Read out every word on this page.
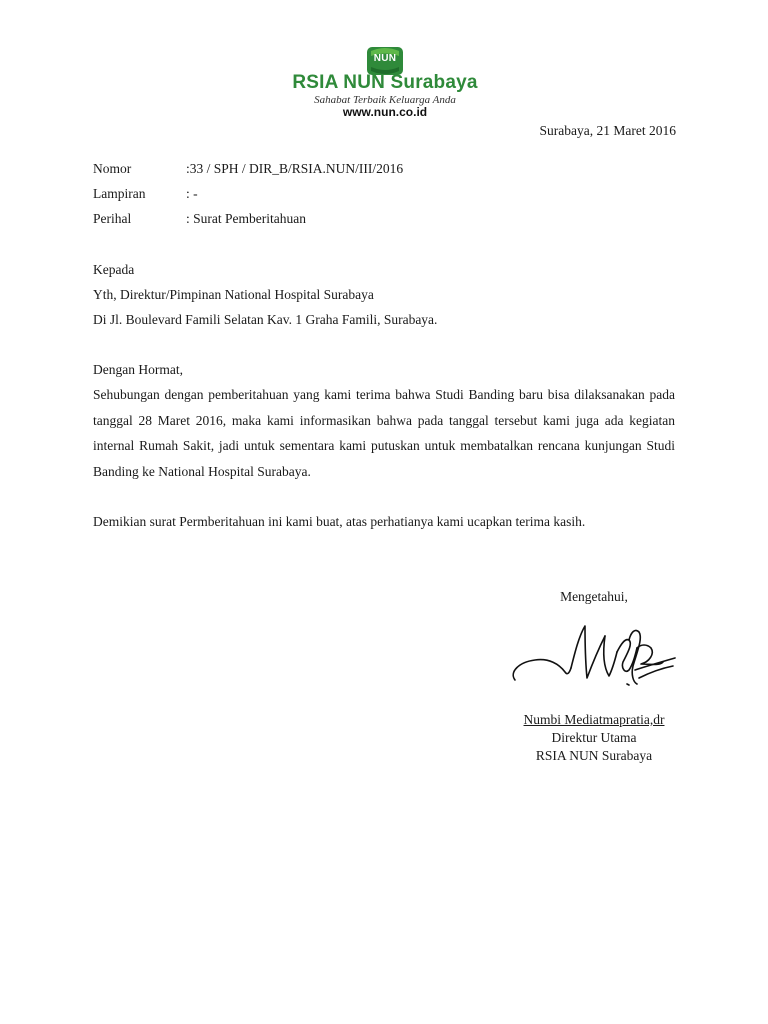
NUN
RSIA NUN Surabaya
Sahabat Terbaik Keluarga Anda
www.nun.co.id
Surabaya, 21 Maret 2016
Nomor	:33 / SPH / DIR_B/RSIA.NUN/III/2016
Lampiran	: -
Perihal	: Surat Pemberitahuan
Kepada
Yth, Direktur/Pimpinan National Hospital Surabaya
Di Jl. Boulevard Famili Selatan Kav. 1 Graha Famili, Surabaya.
Dengan Hormat,
Sehubungan dengan pemberitahuan yang kami terima bahwa Studi Banding baru bisa dilaksanakan pada tanggal 28 Maret 2016, maka kami informasikan bahwa pada tanggal tersebut kami juga ada kegiatan internal Rumah Sakit, jadi untuk sementara kami putuskan untuk membatalkan rencana kunjungan Studi Banding ke National Hospital Surabaya.
Demikian surat Permberitahuan ini kami buat, atas perhatianya kami ucapkan terima kasih.
Mengetahui,
Numbi Mediatmapratia,dr
Direktur Utama
RSIA NUN Surabaya
